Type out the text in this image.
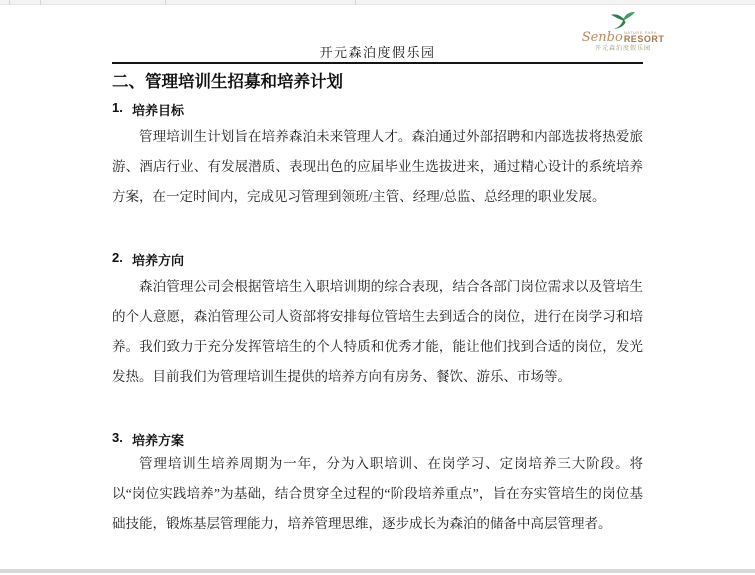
开元森泊度假乐园
Senbo NATURE PARK
RESORT
开元森泊度假乐园
二、管理培训生招募和培养计划
1. 培养目标
管理培训生计划旨在培养森泊未来管理人才。森泊通过外部招聘和内部选拔将热爱旅游、酒店行业、有发展潜质、表现出色的应届毕业生选拔进来，通过精心设计的系统培养方案，在一定时间内，完成见习管理到领班/主管、经理/总监、总经理的职业发展。
2. 培养方向
森泊管理公司会根据管培生入职培训期的综合表现，结合各部门岗位需求以及管培生的个人意愿，森泊管理公司人资部将安排每位管培生去到适合的岗位，进行在岗学习和培养。我们致力于充分发挥管培生的个人特质和优秀才能，能让他们找到合适的岗位，发光发热。目前我们为管理培训生提供的培养方向有房务、餐饮、游乐、市场等。
3. 培养方案
管理培训生培养周期为一年，分为入职培训、在岗学习、定岗培养三大阶段。将以“岗位实践培养”为基础，结合贯穿全过程的“阶段培养重点”，旨在夯实管培生的岗位基础技能，锻炼基层管理能力，培养管理思维，逐步成长为森泊的储备中高层管理者。
